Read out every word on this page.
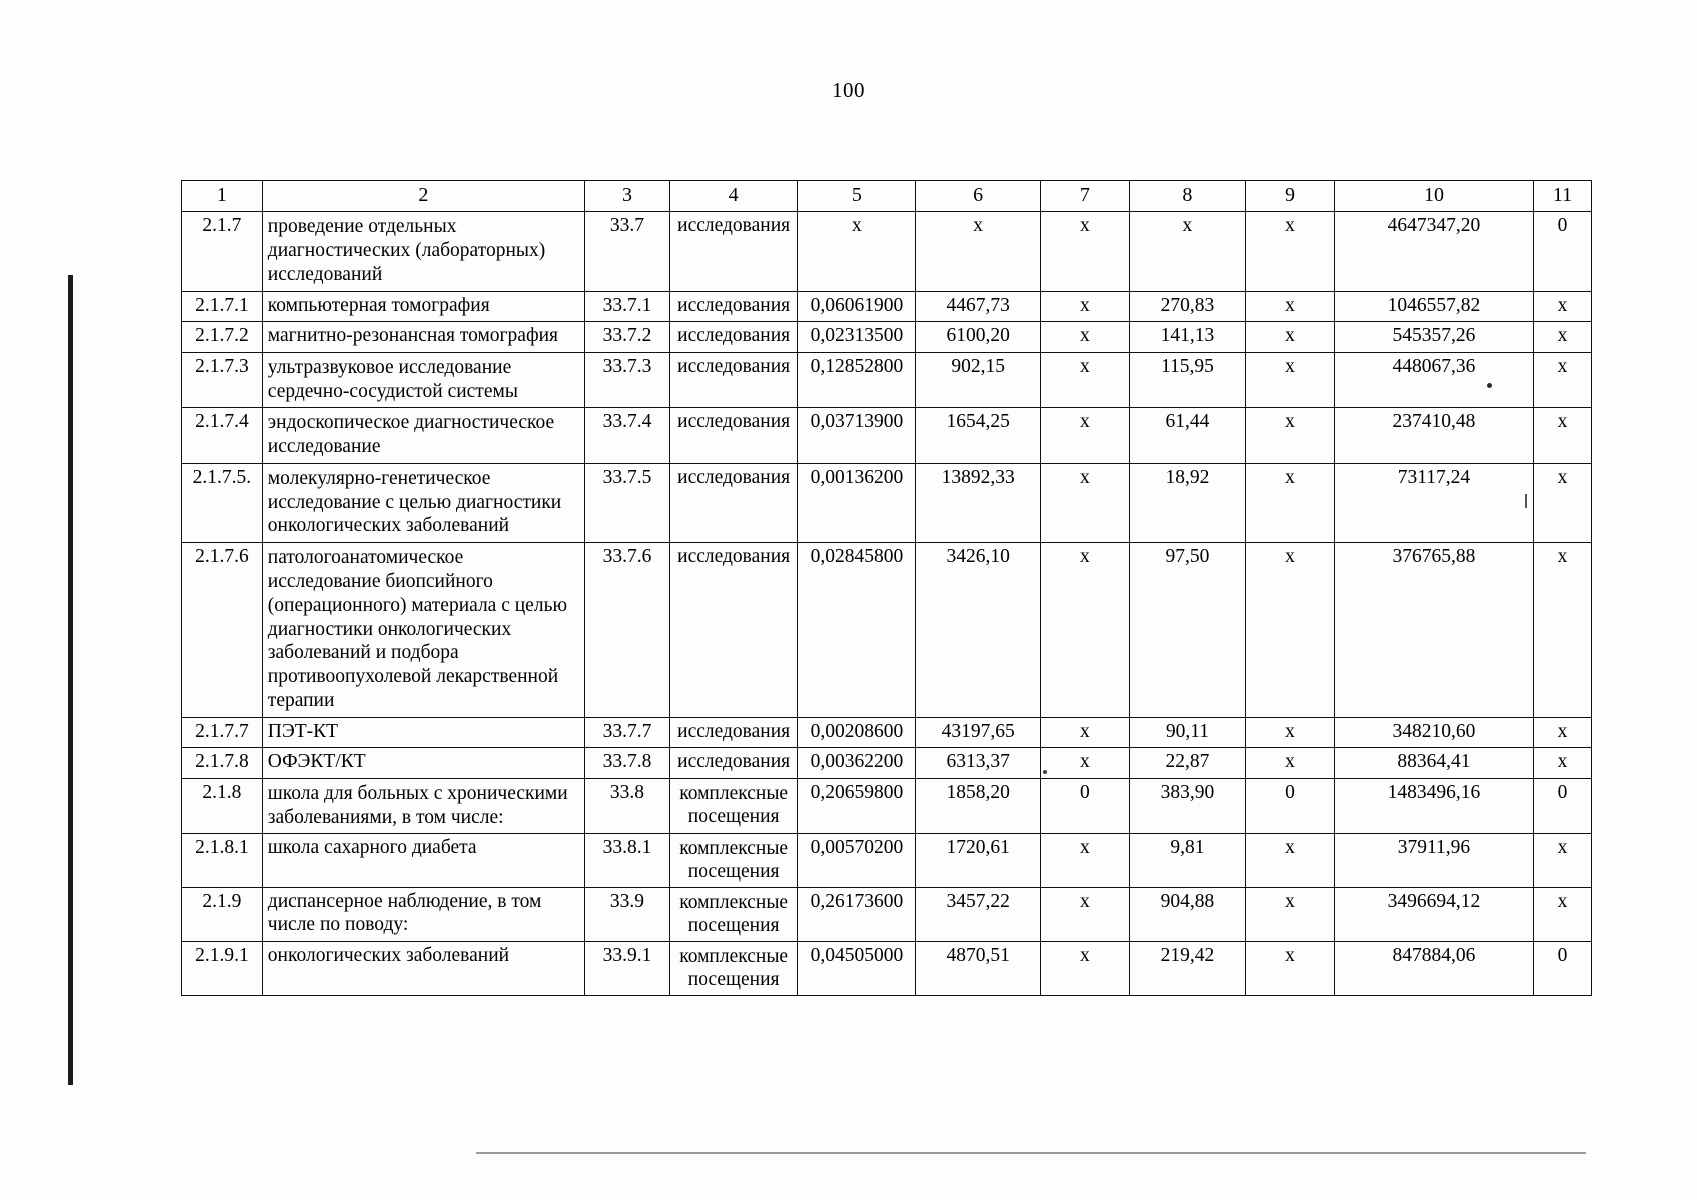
100
1	2	3	4	5	6	7	8	9	10	11
2.1.7	проведение отдельных диагностических (лабораторных) исследований	33.7	исследования	x	x	x	x	x	4647347,20	0
2.1.7.1	компьютерная томография	33.7.1	исследования	0,06061900	4467,73	x	270,83	x	1046557,82	x
2.1.7.2	магнитно-резонансная томография	33.7.2	исследования	0,02313500	6100,20	x	141,13	x	545357,26	x
2.1.7.3	ультразвуковое исследование сердечно-сосудистой системы	33.7.3	исследования	0,12852800	902,15	x	115,95	x	448067,36	x
2.1.7.4	эндоскопическое диагностическое исследование	33.7.4	исследования	0,03713900	1654,25	x	61,44	x	237410,48	x
2.1.7.5.	молекулярно-генетическое исследование с целью диагностики онкологических заболеваний	33.7.5	исследования	0,00136200	13892,33	x	18,92	x	73117,24	x
2.1.7.6	патологоанатомическое исследование биопсийного (операционного) материала с целью диагностики онкологических заболеваний и подбора противоопухолевой лекарственной терапии	33.7.6	исследования	0,02845800	3426,10	x	97,50	x	376765,88	x
2.1.7.7	ПЭТ-КТ	33.7.7	исследования	0,00208600	43197,65	x	90,11	x	348210,60	x
2.1.7.8	ОФЭКТ/КТ	33.7.8	исследования	0,00362200	6313,37	x	22,87	x	88364,41	x
2.1.8	школа для больных с хроническими заболеваниями, в том числе:	33.8	комплексные посещения	0,20659800	1858,20	0	383,90	0	1483496,16	0
2.1.8.1	школа сахарного диабета	33.8.1	комплексные посещения	0,00570200	1720,61	x	9,81	x	37911,96	x
2.1.9	диспансерное наблюдение, в том числе по поводу:	33.9	комплексные посещения	0,26173600	3457,22	x	904,88	x	3496694,12	x
2.1.9.1	онкологических заболеваний	33.9.1	комплексные посещения	0,04505000	4870,51	x	219,42	x	847884,06	0
